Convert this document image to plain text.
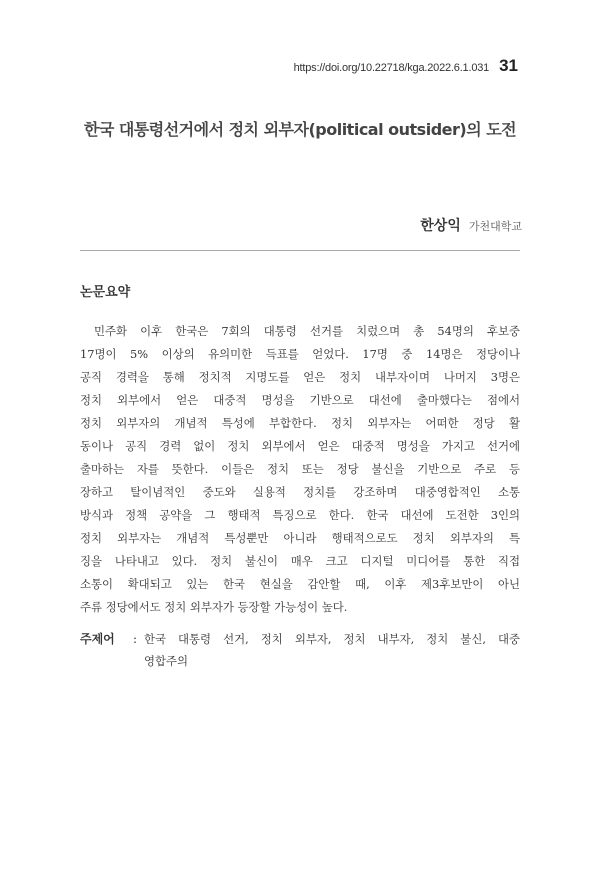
https://doi.org/10.22718/kga.2022.6.1.031 31
한국 대통령선거에서 정치 외부자(political outsider)의 도전
한상익 가천대학교
논문요약
민주화 이후 한국은 7회의 대통령 선거를 치렀으며 총 54명의 후보중
17명이 5% 이상의 유의미한 득표를 얻었다. 17명 중 14명은 정당이나
공직 경력을 통해 정치적 지명도를 얻은 정치 내부자이며 나머지 3명은
정치 외부에서 얻은 대중적 명성을 기반으로 대선에 출마했다는 점에서
정치 외부자의 개념적 특성에 부합한다. 정치 외부자는 어떠한 정당 활
동이나 공직 경력 없이 정치 외부에서 얻은 대중적 명성을 가지고 선거에
출마하는 자를 뜻한다. 이들은 정치 또는 정당 불신을 기반으로 주로 등
장하고 탈이념적인 중도와 실용적 정치를 강조하며 대중영합적인 소통
방식과 정책 공약을 그 행태적 특징으로 한다. 한국 대선에 도전한 3인의
정치 외부자는 개념적 특성뿐만 아니라 행태적으로도 정치 외부자의 특
징을 나타내고 있다. 정치 불신이 매우 크고 디지털 미디어를 통한 직접
소통이 확대되고 있는 한국 현실을 감안할 때, 이후 제3후보만이 아닌
주류 정당에서도 정치 외부자가 등장할 가능성이 높다.
주제어	: 한국 대통령 선거, 정치 외부자, 정치 내부자, 정치 불신, 대중
영합주의
